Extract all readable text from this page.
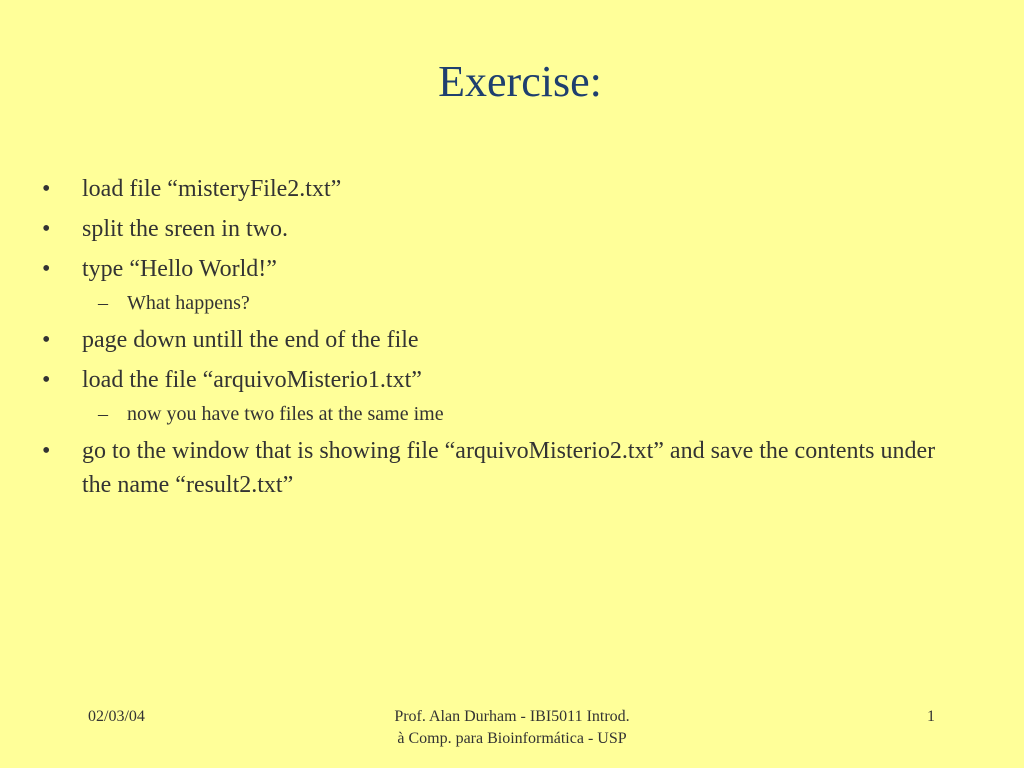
Exercise:
• load file “misteryFile2.txt”
• split the sreen in two.
• type “Hello World!”
– What happens?
• page down untill the end of the file
• load the file “arquivoMisterio1.txt”
– now you have two files at the same ime
• go to the window that is showing file “arquivoMisterio2.txt” and save the contents under the name “result2.txt”
02/03/04	Prof. Alan Durham - IBI5011 Introd.
à Comp. para Bioinformática - USP
1
